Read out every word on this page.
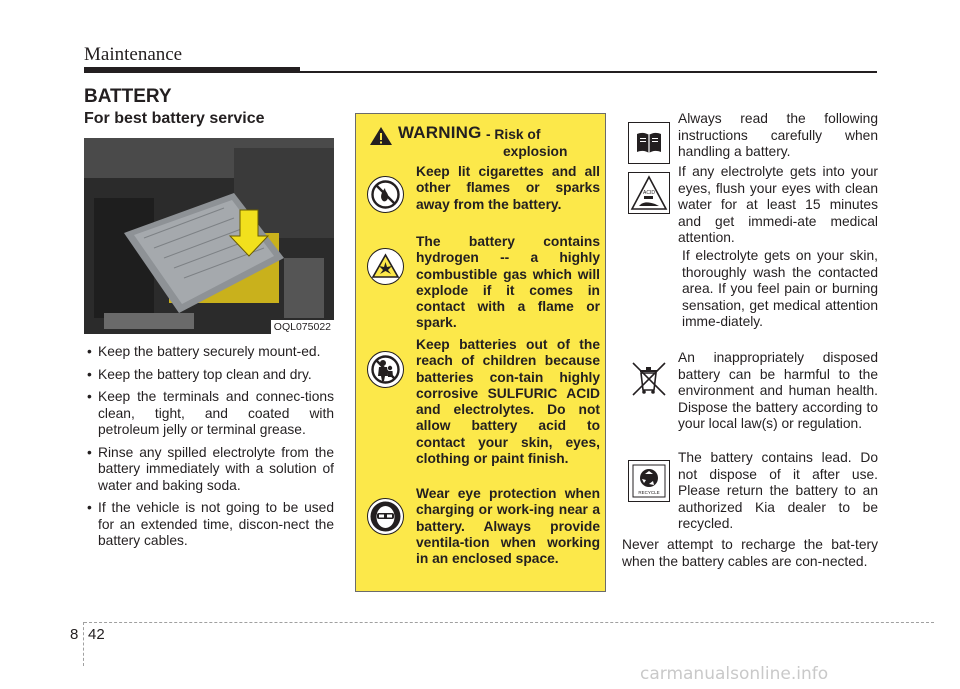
Maintenance
BATTERY
For best battery service
OQL075022
• Keep the battery securely mount-ed.
• Keep the battery top clean and dry.
• Keep the terminals and connec-tions clean, tight, and coated with petroleum jelly or terminal grease.
• Rinse any spilled electrolyte from the battery immediately with a solution of water and baking soda.
• If the vehicle is not going to be used for an extended time, discon-nect the battery cables.
WARNING - Risk of
explosion
Keep lit cigarettes and all other flames or sparks away from the battery.
The battery contains hydrogen -- a highly combustible gas which will explode if it comes in contact with a flame or spark.
Keep batteries out of the reach of children because batteries con-tain highly corrosive SULFURIC ACID and electrolytes. Do not allow battery acid to contact your skin, eyes, clothing or paint finish.
Wear eye protection when charging or work-ing near a battery. Always provide ventila-tion when working in an enclosed space.
Always read the following instructions carefully when handling a battery.
ACID
If any electrolyte gets into your eyes, flush your eyes with clean water for at least 15 minutes and get immedi-ate medical attention.
If electrolyte gets on your skin, thoroughly wash the contacted area. If you feel pain or burning sensation, get medical attention imme-diately.
An inappropriately disposed battery can be harmful to the environment and human health. Dispose the battery according to your local law(s) or regulation.
RECYCLE
The battery contains lead. Do not dispose of it after use. Please return the battery to an authorized Kia dealer to be recycled.
Never attempt to recharge the bat-tery when the battery cables are con-nected.
8 42
carmanualsonline.info
